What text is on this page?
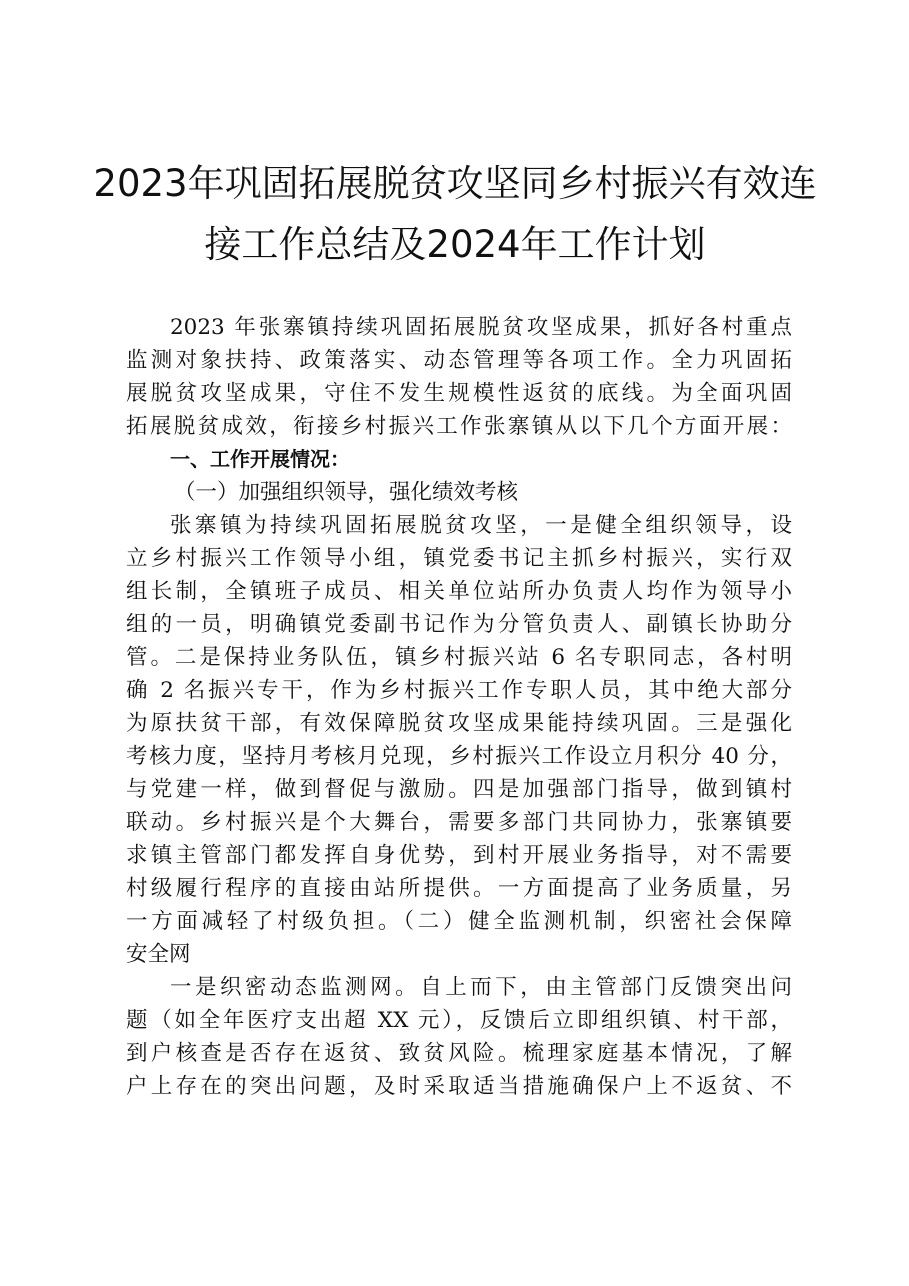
2023年巩固拓展脱贫攻坚同乡村振兴有效连
接工作总结及2024年工作计划
2023 年张寨镇持续巩固拓展脱贫攻坚成果，抓好各村重点
监测对象扶持、政策落实、动态管理等各项工作。全力巩固拓
展脱贫攻坚成果，守住不发生规模性返贫的底线。为全面巩固
拓展脱贫成效，衔接乡村振兴工作张寨镇从以下几个方面开展：
一、工作开展情况：
（一）加强组织领导，强化绩效考核
张寨镇为持续巩固拓展脱贫攻坚，一是健全组织领导，设
立乡村振兴工作领导小组，镇党委书记主抓乡村振兴，实行双
组长制，全镇班子成员、相关单位站所办负责人均作为领导小
组的一员，明确镇党委副书记作为分管负责人、副镇长协助分
管。二是保持业务队伍，镇乡村振兴站 6 名专职同志，各村明
确 2 名振兴专干，作为乡村振兴工作专职人员，其中绝大部分
为原扶贫干部，有效保障脱贫攻坚成果能持续巩固。三是强化
考核力度，坚持月考核月兑现，乡村振兴工作设立月积分 40 分，
与党建一样，做到督促与激励。四是加强部门指导，做到镇村
联动。乡村振兴是个大舞台，需要多部门共同协力，张寨镇要
求镇主管部门都发挥自身优势，到村开展业务指导，对不需要
村级履行程序的直接由站所提供。一方面提高了业务质量，另
一方面减轻了村级负担。（二）健全监测机制，织密社会保障
安全网
一是织密动态监测网。自上而下，由主管部门反馈突出问
题（如全年医疗支出超 XX 元），反馈后立即组织镇、村干部，
到户核查是否存在返贫、致贫风险。梳理家庭基本情况，了解
户上存在的突出问题，及时采取适当措施确保户上不返贫、不
